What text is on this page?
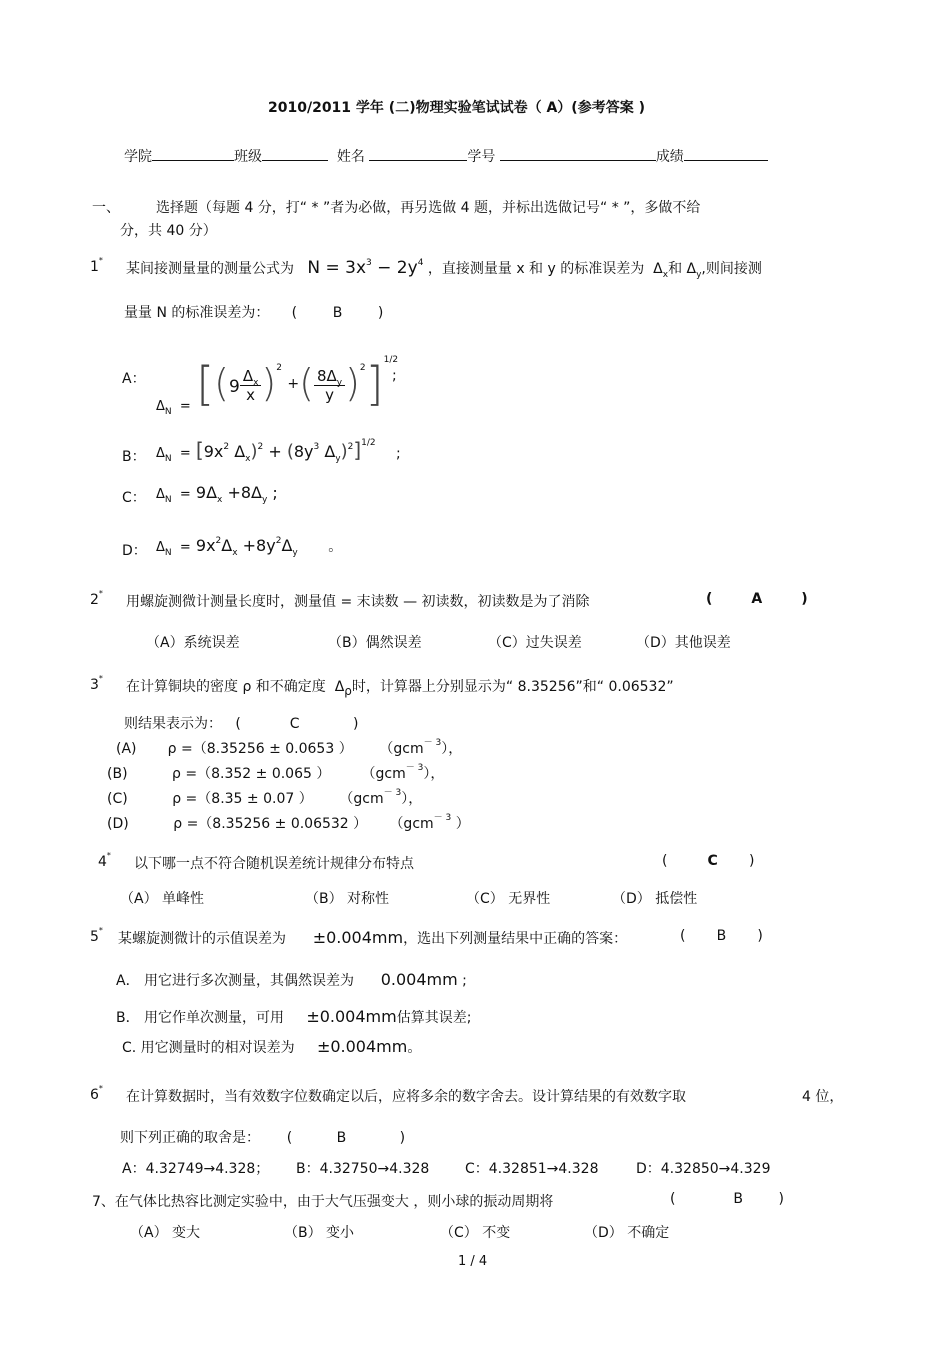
2010/2011 学年 (二)物理实验笔试试卷（ A）(参考答案 )
学院	班级	姓名	学号	成绩
一、	选择题（每题 4 分，打“ * ”者为必做，再另选做 4 题，并标出选做记号“ * ”，多做不给
分，共 40 分）
1*
某间接测量量的测量公式为 $N = 3x^3 - 2y^4$ ，直接测量量 x 和 y 的标准误差为 $\Delta_x$和 $\Delta_y$,则间接测
量量 N 的标准误差为：     (        B        )
A：
$_{\Delta_N =}$ [$(9 \frac{\Delta_x}{x} )^2$ +( $\frac{8\Delta_y}{y} )^2]^{1/2}$
;
B： $\Delta_N = [9x^2$ $\Delta_x)^2 + (8y^3$ $\Delta_y)^2]^{1/2}$
;
C： $\Delta_N = 9\Delta_x +8\Delta_y$ ;
D： $\Delta_N = 9x^2\Delta_x +8y^2\Delta_y$ 。
2*
用螺旋测微计测量长度时，测量值 = 末读数 — 初读数，初读数是为了消除	(        A        )
（A）系统误差	（B）偶然误差	（C）过失误差	（D）其他误差
3*
在计算铜块的密度 ρ 和不确定度 Δρ时，计算器上分别显示为“ 8.35256”和“ 0.06532”
则结果表示为：   (           C            )
(A) ρ =（8.35256 ± 0.0653 ） （gcm$^{- 3}$），
(B)	ρ =（8.352 ± 0.065 ） （gcm$^{- 3}$），
(C)	ρ =（8.35 ± 0.07 ） （gcm$^{- 3}$），
(D)	ρ =（8.35256 ± 0.06532 ） （gcm$^{- 3}$ ）
4*
以下哪一点不符合随机误差统计规律分布特点	(         C       )
（A） 单峰性	（B） 对称性	（C） 无界性	（D） 抵偿性
5*
某螺旋测微计的示值误差为 ±0.004mm，选出下列测量结果中正确的答案：	(       B       )
A． 用它进行多次测量，其偶然误差为 0.004mm ;
B． 用它作单次测量，可用 ±0.004mm估算其误差;
C. 用它测量时的相对误差为 ±0.004mm。
6*
在计算数据时，当有效数字位数确定以后，应将多余的数字舍去。设计算结果的有效数字取	4 位，
则下列正确的取舍是：      (          B            )
A：4.32749→4.328； B：4.32750→4.328	C：4.32851→4.328	D：4.32850→4.329
7、在气体比热容比测定实验中，由于大气压强变大 ，则小球的振动周期将	(             B        )
（A） 变大	（B） 变小	（C） 不变	（D） 不确定
1 / 4
